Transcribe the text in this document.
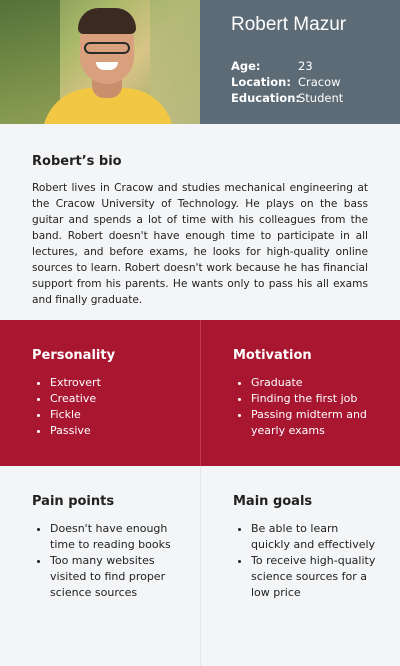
Robert Mazur
Age:	23
Location: Cracow
Education:
Student
Robert’s bio

Robert lives in Cracow and studies mechanical engineering at the Cracow University of Technology. He plays on the bass guitar and spends a lot of time with his colleagues from the band. Robert doesn't have enough time to participate in all lectures, and before exams, he looks for high-quality online sources to learn. Robert doesn't work because he has financial support from his parents. He wants only to pass his all exams and finally graduate.

Personality
• Extrovert
• Creative
• Fickle
• Passive
Motivation
• Graduate
• Finding the first job
• Passing midterm and yearly exams
Pain points
• Doesn't have enough time to reading books
• Too many websites visited to find proper science sources
Main goals
• Be able to learn quickly and effectively
• To receive high-quality science sources for a low price
